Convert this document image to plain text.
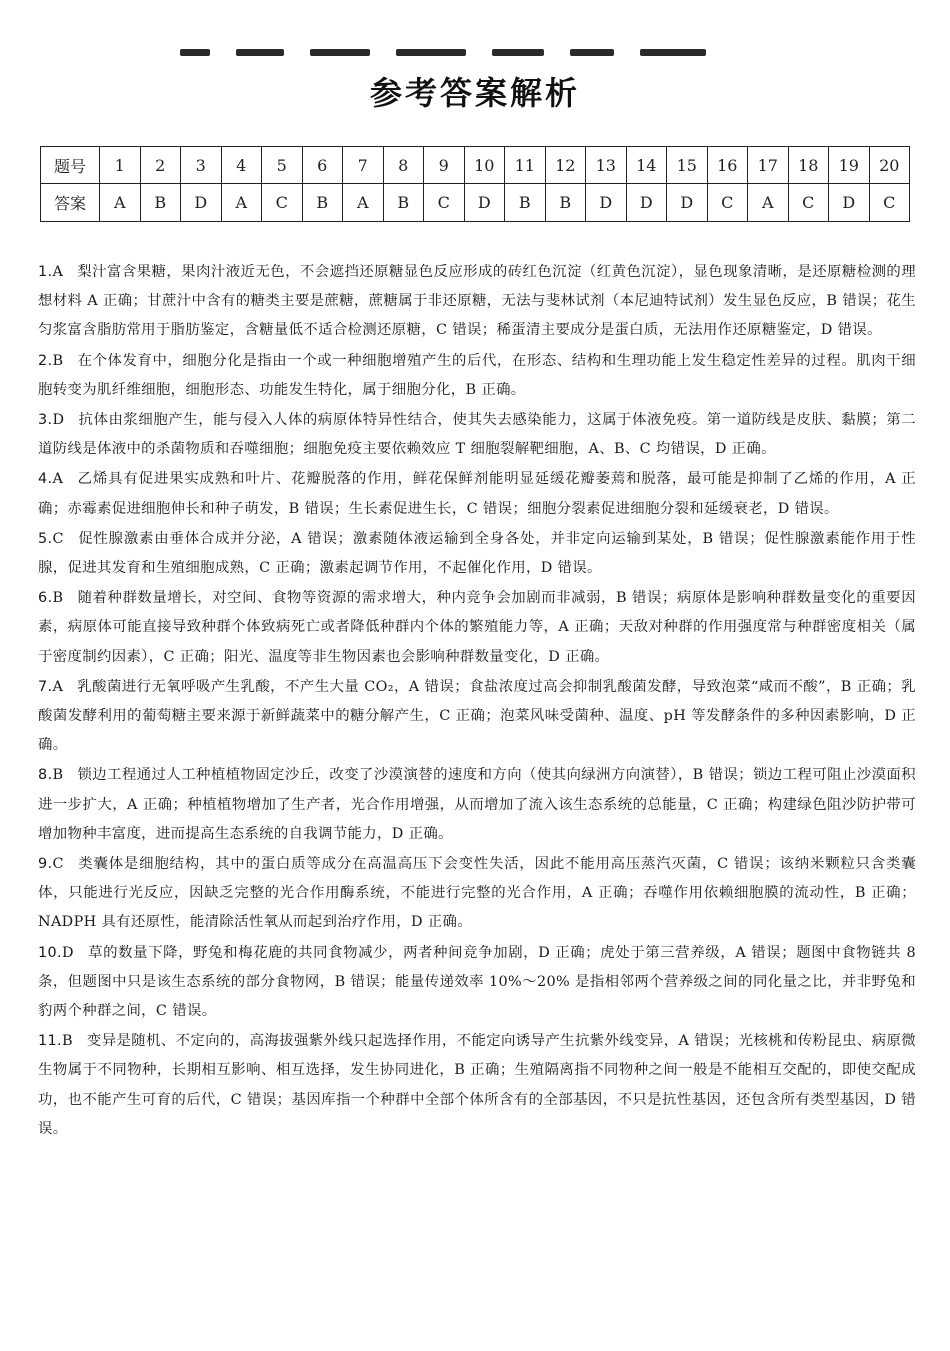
参考答案解析
题号	1	2	3	4	5	6	7	8	9	10	11	12	13	14	15	16	17	18	19	20
答案	A	B	D	A	C	B	A	B	C	D	B	B	D	D	D	C	A	C	D	C
1.A 梨汁富含果糖，果肉汁液近无色，不会遮挡还原糖显色反应形成的砖红色沉淀（红黄色沉淀），显色现象清晰，是还原糖检测的理想材料 A 正确；甘蔗汁中含有的糖类主要是蔗糖，蔗糖属于非还原糖，无法与斐林试剂（本尼迪特试剂）发生显色反应，B 错误；花生匀浆富含脂肪常用于脂肪鉴定，含糖量低不适合检测还原糖，C 错误；稀蛋清主要成分是蛋白质，无法用作还原糖鉴定，D 错误。
2.B 在个体发育中，细胞分化是指由一个或一种细胞增殖产生的后代，在形态、结构和生理功能上发生稳定性差异的过程。肌肉干细胞转变为肌纤维细胞，细胞形态、功能发生特化，属于细胞分化，B 正确。
3.D 抗体由浆细胞产生，能与侵入人体的病原体特异性结合，使其失去感染能力，这属于体液免疫。第一道防线是皮肤、黏膜；第二道防线是体液中的杀菌物质和吞噬细胞；细胞免疫主要依赖效应 T 细胞裂解靶细胞，A、B、C 均错误，D 正确。
4.A 乙烯具有促进果实成熟和叶片、花瓣脱落的作用，鲜花保鲜剂能明显延缓花瓣萎蔫和脱落，最可能是抑制了乙烯的作用，A 正确；赤霉素促进细胞伸长和种子萌发，B 错误；生长素促进生长，C 错误；细胞分裂素促进细胞分裂和延缓衰老，D 错误。
5.C 促性腺激素由垂体合成并分泌，A 错误；激素随体液运输到全身各处，并非定向运输到某处，B 错误；促性腺激素能作用于性腺，促进其发育和生殖细胞成熟，C 正确；激素起调节作用，不起催化作用，D 错误。
6.B 随着种群数量增长，对空间、食物等资源的需求增大，种内竞争会加剧而非减弱，B 错误；病原体是影响种群数量变化的重要因素，病原体可能直接导致种群个体致病死亡或者降低种群内个体的繁殖能力等，A 正确；天敌对种群的作用强度常与种群密度相关（属于密度制约因素），C 正确；阳光、温度等非生物因素也会影响种群数量变化，D 正确。
7.A 乳酸菌进行无氧呼吸产生乳酸，不产生大量 CO₂，A 错误；食盐浓度过高会抑制乳酸菌发酵，导致泡菜“咸而不酸”，B 正确；乳酸菌发酵利用的葡萄糖主要来源于新鲜蔬菜中的糖分解产生，C 正确；泡菜风味受菌种、温度、pH 等发酵条件的多种因素影响，D 正确。
8.B 锁边工程通过人工种植植物固定沙丘，改变了沙漠演替的速度和方向（使其向绿洲方向演替），B 错误；锁边工程可阻止沙漠面积进一步扩大，A 正确；种植植物增加了生产者，光合作用增强，从而增加了流入该生态系统的总能量，C 正确；构建绿色阻沙防护带可增加物种丰富度，进而提高生态系统的自我调节能力，D 正确。
9.C 类囊体是细胞结构，其中的蛋白质等成分在高温高压下会变性失活，因此不能用高压蒸汽灭菌，C 错误；该纳米颗粒只含类囊体，只能进行光反应，因缺乏完整的光合作用酶系统，不能进行完整的光合作用，A 正确；吞噬作用依赖细胞膜的流动性，B 正确；NADPH 具有还原性，能清除活性氧从而起到治疗作用，D 正确。
10.D 草的数量下降，野兔和梅花鹿的共同食物减少，两者种间竞争加剧，D 正确；虎处于第三营养级，A 错误；题图中食物链共 8 条，但题图中只是该生态系统的部分食物网，B 错误；能量传递效率 10%～20% 是指相邻两个营养级之间的同化量之比，并非野兔和豹两个种群之间，C 错误。
11.B 变异是随机、不定向的，高海拔强紫外线只起选择作用，不能定向诱导产生抗紫外线变异，A 错误；光核桃和传粉昆虫、病原微生物属于不同物种，长期相互影响、相互选择，发生协同进化，B 正确；生殖隔离指不同物种之间一般是不能相互交配的，即使交配成功，也不能产生可育的后代，C 错误；基因库指一个种群中全部个体所含有的全部基因，不只是抗性基因，还包含所有类型基因，D 错误。
